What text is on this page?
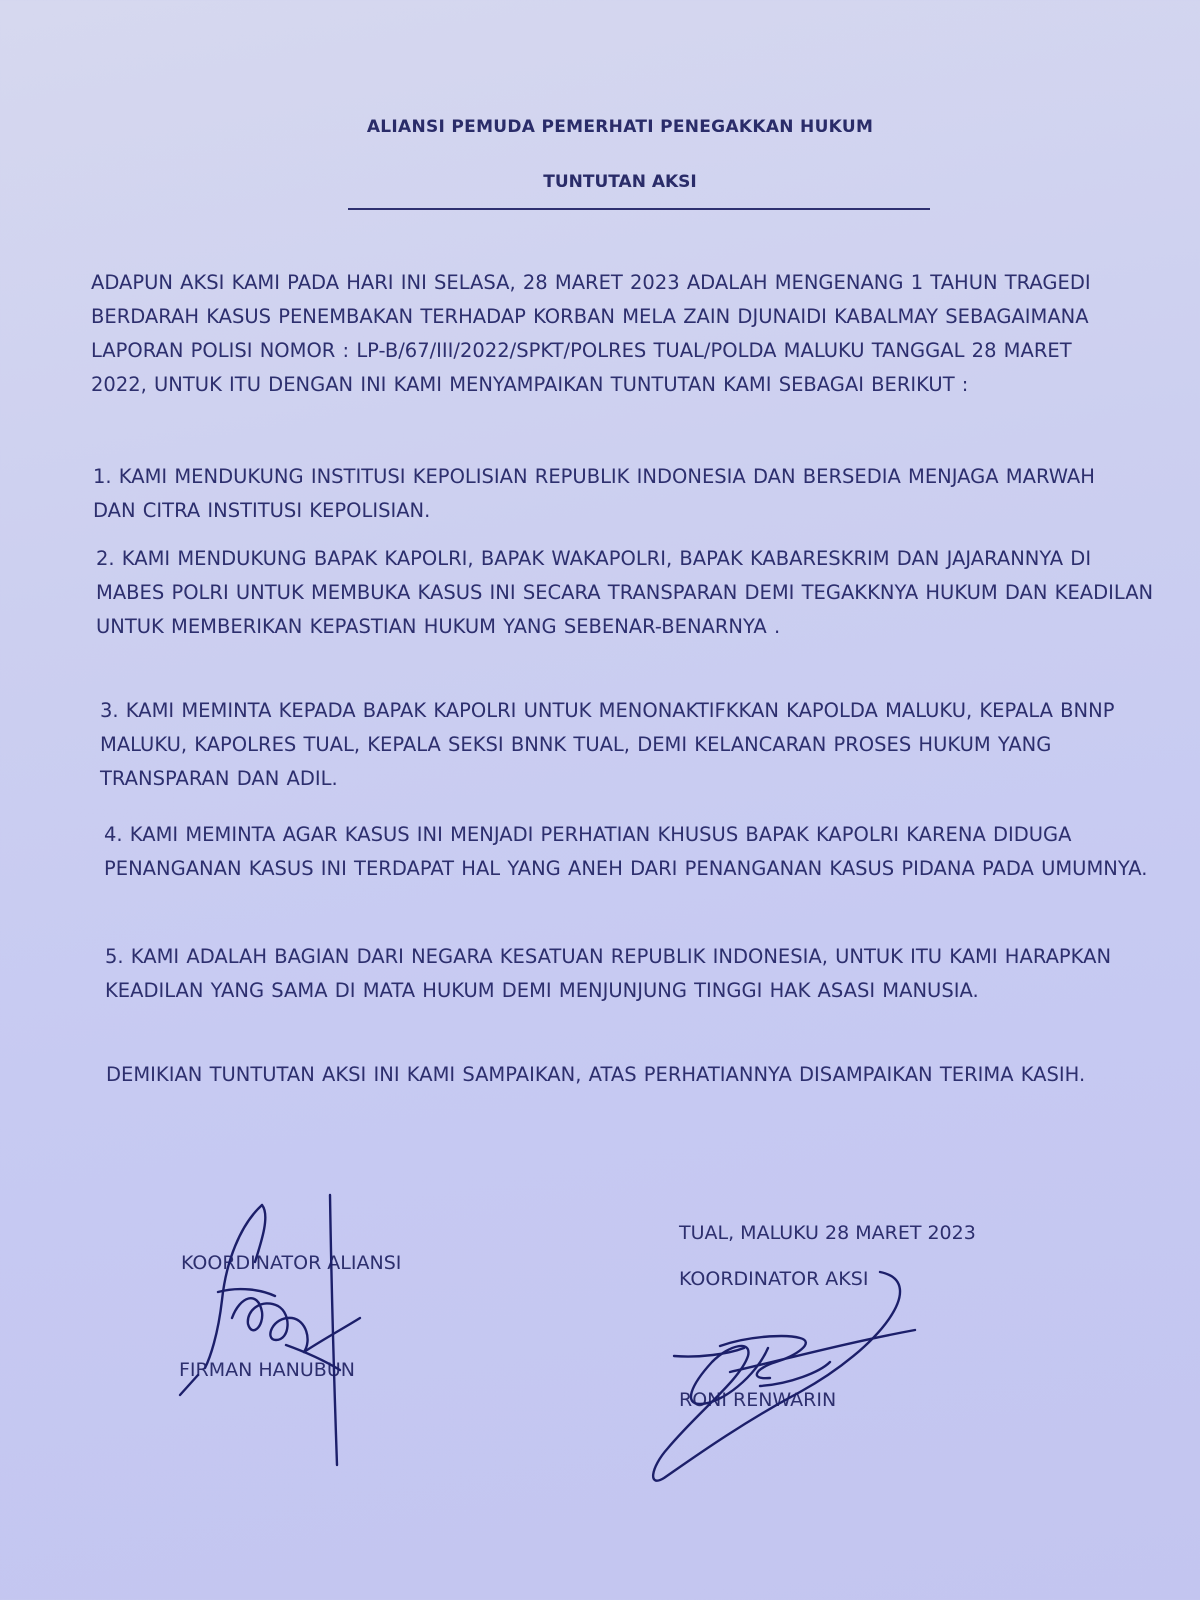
ALIANSI PEMUDA PEMERHATI PENEGAKKAN HUKUM
TUNTUTAN AKSI

ADAPUN AKSI KAMI PADA HARI INI SELASA, 28 MARET 2023 ADALAH MENGENANG 1 TAHUN TRAGEDI BERDARAH KASUS PENEMBAKAN TERHADAP KORBAN MELA ZAIN DJUNAIDI KABALMAY SEBAGAIMANA LAPORAN POLISI NOMOR : LP-B/67/III/2022/SPKT/POLRES TUAL/POLDA MALUKU TANGGAL 28 MARET 2022, UNTUK ITU DENGAN INI KAMI MENYAMPAIKAN TUNTUTAN KAMI SEBAGAI BERIKUT :

1. KAMI MENDUKUNG INSTITUSI KEPOLISIAN REPUBLIK INDONESIA DAN BERSEDIA MENJAGA MARWAH DAN CITRA INSTITUSI KEPOLISIAN.

2. KAMI MENDUKUNG BAPAK KAPOLRI, BAPAK WAKAPOLRI, BAPAK KABARESKRIM DAN JAJARANNYA DI MABES POLRI UNTUK MEMBUKA KASUS INI SECARA TRANSPARAN DEMI TEGAKKNYA HUKUM DAN KEADILAN UNTUK MEMBERIKAN KEPASTIAN HUKUM YANG SEBENAR-BENARNYA .

3. KAMI MEMINTA KEPADA BAPAK KAPOLRI UNTUK MENONAKTIFKKAN KAPOLDA MALUKU, KEPALA BNNP MALUKU, KAPOLRES TUAL, KEPALA SEKSI BNNK TUAL, DEMI KELANCARAN PROSES HUKUM YANG TRANSPARAN DAN ADIL.

4. KAMI MEMINTA AGAR KASUS INI MENJADI PERHATIAN KHUSUS BAPAK KAPOLRI KARENA DIDUGA PENANGANAN KASUS INI TERDAPAT HAL YANG ANEH DARI PENANGANAN KASUS PIDANA PADA UMUMNYA.

5. KAMI ADALAH BAGIAN DARI NEGARA KESATUAN REPUBLIK INDONESIA, UNTUK ITU KAMI HARAPKAN KEADILAN YANG SAMA DI MATA HUKUM DEMI MENJUNJUNG TINGGI HAK ASASI MANUSIA.

DEMIKIAN TUNTUTAN AKSI INI KAMI SAMPAIKAN, ATAS PERHATIANNYA DISAMPAIKAN TERIMA KASIH.

KOORDINATOR ALIANSI
FIRMAN HANUBUN
TUAL, MALUKU 28 MARET 2023
KOORDINATOR AKSI
RONI RENWARIN
